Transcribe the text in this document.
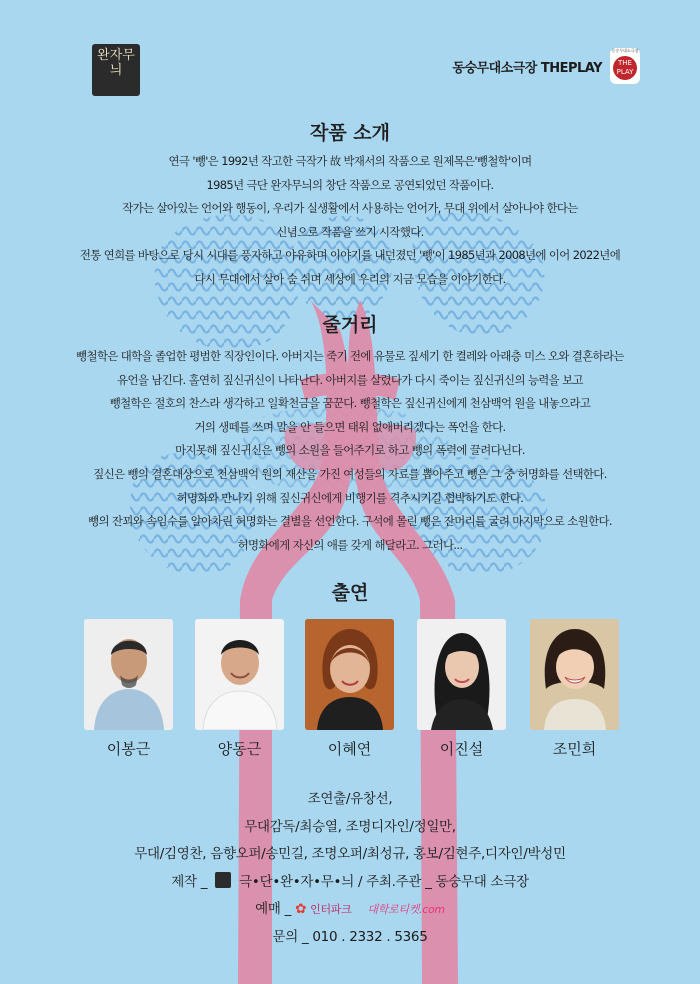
완자무늬	동숭무대소극장 THEPLAY
동숭무대소극장
THE PLAY
작품 소개
연극 '뺑'은 1992년 작고한 극작가 故 박재서의 작품으로 원제목은'뺑철학'이며
1985년 극단 완자무늬의 창단 작품으로 공연되었던 작품이다.
작가는 살아있는 언어와 행동이, 우리가 실생활에서 사용하는 언어가, 무대 위에서 살아나야 한다는
신념으로 작품을 쓰기 시작했다.
전통 연희를 바탕으로 당시 시대를 풍자하고 야유하며 이야기를 내던졌던 '뺑'이 1985년과 2008년에 이어 2022년에
다시 무대에서 살아 숨 쉬며 세상에 우리의 지금 모습을 이야기한다.
줄거리
뺑철학은 대학을 졸업한 평범한 직장인이다. 아버지는 죽기 전에 유물로 짚세기 한 켤레와 아래층 미스 오와 결혼하라는
유언을 남긴다. 홀연히 짚신귀신이 나타난다. 아버지를 살렸다가 다시 죽이는 짚신귀신의 능력을 보고
뺑철학은 절호의 찬스라 생각하고 일확천금을 꿈꾼다. 뺑철학은 짚신귀신에게 천삼백억 원을 내놓으라고
거의 생떼를 쓰며 말을 안 들으면 태워 없애버리겠다는 폭언을 한다.
마지못해 짚신귀신은 뺑의 소원을 들어주기로 하고 뺑의 폭력에 끌려다닌다.
짚신은 뺑의 결혼대상으로 천삼백억 원의 재산을 가진 여성들의 자료를 뽑아주고 뺑은 그 중 허명화를 선택한다.
허명화와 만나기 위해 짚신귀신에게 비행기를 격추시키길 협박하기도 한다.
뺑의 잔꾀와 속임수를 알아차린 허명화는 결별을 선언한다. 구석에 몰린 뺑은 잔머리를 굴려 마지막으로 소원한다.
허명화에게 자신의 애를 갖게 해달라고. 그러나...
출연
이봉근	양동근	이혜연	이진설	조민희
조연출/유창선,
무대감독/최승열, 조명디자인/정일만,
무대/김영찬, 음향오퍼/송민길, 조명오퍼/최성규, 홍보/김현주,디자인/박성민
제작 _ 극•단•완•자•무•늬 / 주최.주관 _ 동숭무대 소극장
예매 _ ✿ 인터파크 대학로티켓.com
문의 _ 010 . 2332 . 5365
